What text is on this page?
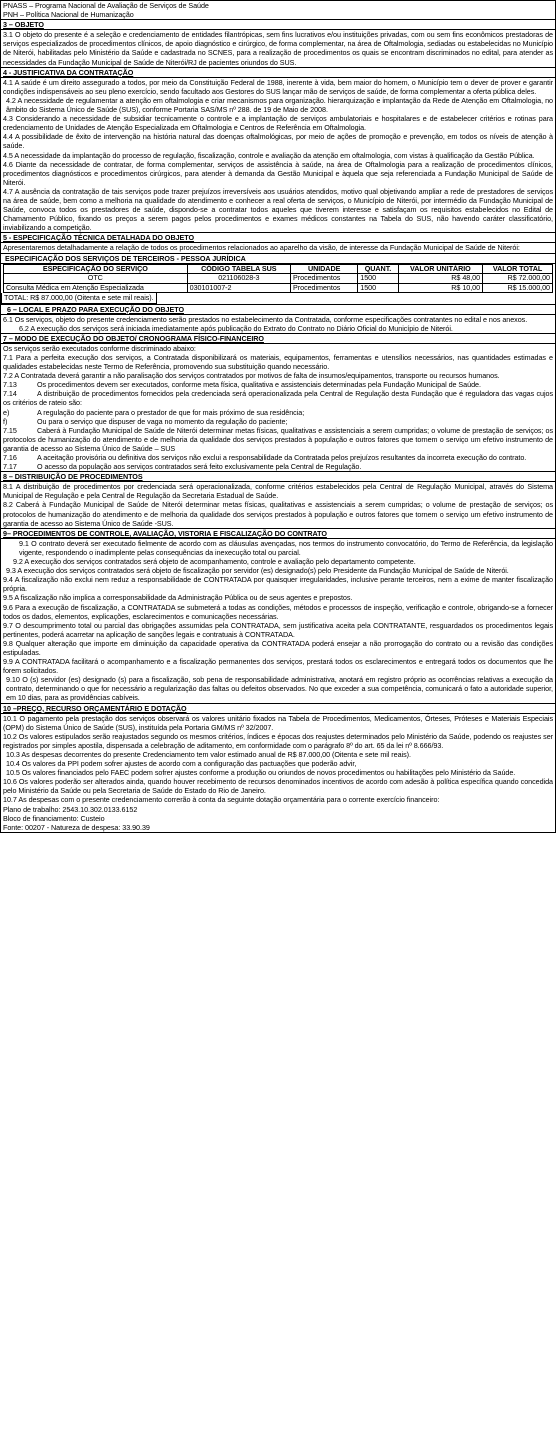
PNASS – Programa Nacional de Avaliação de Serviços de Saúde

PNH – Política Nacional de Humanização

3 – OBJETO

3.1 O objeto do presente é a seleção e credenciamento de entidades filantrópicas, sem fins lucrativos e/ou instituições privadas, com ou sem fins econômicos prestadoras de serviços especializados de procedimentos clínicos, de apoio diagnóstico e cirúrgico, de forma complementar, na área de Oftalmologia, sediadas ou estabelecidas no Município de Niterói, habilitadas pelo Ministério da Saúde e cadastrada no SCNES, para a realização de procedimentos os quais se encontram discriminados no edital, para atender as necessidades da Fundação Municipal de Saúde de Niterói/RJ de pacientes oriundos do SUS.

4 - JUSTIFICATIVA DA CONTRATAÇÃO

4.1 A saúde é um direito assegurado a todos, por meio da Constituição Federal de 1988, inerente à vida, bem maior do homem, o Município tem o dever de prover e garantir condições indispensáveis ao seu pleno exercício, sendo facultado aos Gestores do SUS lançar mão de serviços de saúde, de forma complementar a oferta pública deles.

4.2 A necessidade de regulamentar a atenção em oftalmologia e criar mecanismos para organização. hierarquização e implantação da Rede de Atenção em Oftalmologia, no âmbito do Sistema Único de Saúde (SUS), conforme Portaria SAS/MS nº 288. de 19 de Maio de 2008.

4.3 Considerando a necessidade de subsidiar tecnicamente o controle e a implantação de serviços ambulatoriais e hospitalares e de estabelecer critérios e rotinas para credenciamento de Unidades de Atenção Especializada em Oftalmologia e Centros de Referência em Oftalmologia.

4.4 A possibilidade de êxito de intervenção na história natural das doenças oftalmológicas, por meio de ações de promoção e prevenção, em todos os níveis de atenção à saúde.

4.5 A necessidade da implantação do processo de regulação, fiscalização, controle e avaliação da atenção em oftalmologia, com vistas à qualificação da Gestão Pública.

4.6 Diante da necessidade de contratar, de forma complementar, serviços de assistência à saúde, na área de Oftalmologia para a realização de procedimentos clínicos, procedimentos diagnósticos e procedimentos cirúrgicos, para atender à demanda da Gestão Municipal e àquela que seja referenciada a Fundação Municipal de Saúde de Niterói.

4.7 A ausência da contratação de tais serviços pode trazer prejuízos irreversíveis aos usuários atendidos, motivo qual objetivando ampliar a rede de prestadores de serviços na área de saúde, bem como a melhoria na qualidade do atendimento e conhecer a real oferta de serviços, o Município de Niterói, por intermédio da Fundação Municipal de Saúde, convoca todos os prestadores de saúde, dispondo-se a contratar todos aqueles que tiverem interesse e satisfaçam os requisitos estabelecidos no Edital de Chamamento Público, fixando os preços a serem pagos pelos procedimentos e exames médicos constantes na Tabela do SUS, não havendo caráter classificatório, inviabilizando a competição.

5 - ESPECIFICAÇÃO TÉCNICA DETALHADA DO OBJETO

Apresentaremos detalhadamente a relação de todos os procedimentos relacionados ao aparelho da visão, de interesse da Fundação Municipal de Saúde de Niterói:

ESPECIFICAÇÃO DOS SERVIÇOS DE TERCEIROS - PESSOA JURÍDICA
ESPECIFICAÇÃO DO SERVIÇO	CÓDIGO TABELA SUS	UNIDADE	QUANT.	VALOR UNITÁRIO	VALOR TOTAL
OTC	021106028-3	Procedimentos	1500	R$ 48,00	R$ 72.000,00
Consulta Médica em Atenção Especializada	030101007-2	Procedimentos	1500	R$ 10,00	R$ 15.000,00
TOTAL: R$ 87.000,00 (Oitenta e sete mil reais).
6 – LOCAL E PRAZO PARA EXECUÇÃO DO OBJETO

6.1 Os serviços, objeto do presente credenciamento serão prestados no estabelecimento da Contratada, conforme especificações contratantes no edital e nos anexos.

6.2 A execução dos serviços será iniciada imediatamente após publicação do Extrato do Contrato no Diário Oficial do Município de Niterói.

7 – MODO DE EXECUÇÃO DO OBJETO/ CRONOGRAMA FÍSICO-FINANCEIRO

Os serviços serão executados conforme discriminado abaixo:

7.1 Para a perfeita execução dos serviços, a Contratada disponibilizará os materiais, equipamentos, ferramentas e utensílios necessários, nas quantidades estimadas e qualidades estabelecidas neste Termo de Referência, promovendo sua substituição quando necessário.

7.2 A Contratada deverá garantir a não paralisação dos serviços contratados por motivos de falta de insumos/equipamentos, transporte ou recursos humanos.

7.13	Os procedimentos devem ser executados, conforme meta física, qualitativa e assistenciais determinadas pela Fundação Municipal de Saúde.

7.14	A distribuição de procedimentos fornecidos pela credenciada será operacionalizada pela Central de Regulação desta Fundação que é reguladora das vagas cujos os critérios de rateio são:

e)	A regulação do paciente para o prestador de que for mais próximo de sua residência;

f)	Ou para o serviço que dispuser de vaga no momento da regulação do paciente;

7.15	Caberá à Fundação Municipal de Saúde de Niterói determinar metas físicas, qualitativas e assistenciais a serem cumpridas; o volume de prestação de serviços; os protocolos de humanização do atendimento e de melhoria da qualidade dos serviços prestados à população e outros fatores que tornem o serviço um efetivo instrumento de garantia de acesso ao Sistema Único de Saúde – SUS

7.16	A aceitação provisória ou definitiva dos serviços não exclui a responsabilidade da Contratada pelos prejuízos resultantes da incorreta execução do contrato.

7.17	O acesso da população aos serviços contratados será feito exclusivamente pela Central de Regulação.

8 – DISTRIBUIÇÃO DE PROCEDIMENTOS

8.1 A distribuição de procedimentos por credenciada será operacionalizada, conforme critérios estabelecidos pela Central de Regulação Municipal, através do Sistema Municipal de Regulação e pela Central de Regulação da Secretaria Estadual de Saúde.

8.2 Caberá à Fundação Municipal de Saúde de Niterói determinar metas físicas, qualitativas e assistenciais a serem cumpridas; o volume de prestação de serviços; os protocolos de humanização do atendimento e de melhoria da qualidade dos serviços prestados à população e outros fatores que tornem o serviço um efetivo instrumento de garantia de acesso ao Sistema Único de Saúde -SUS.

9– PROCEDIMENTOS DE CONTROLE, AVALIAÇÃO, VISTORIA E FISCALIZAÇÃO DO CONTRATO

9.1 O contrato deverá ser executado fielmente de acordo com as cláusulas avençadas, nos termos do instrumento convocatório, do Termo de Referência, da legislação vigente, respondendo o inadimplente pelas consequências da inexecução total ou parcial.

9.2 A execução dos serviços contratados será objeto de acompanhamento, controle e avaliação pelo departamento competente.

9.3 A execução dos serviços contratados será objeto de fiscalização por servidor (es) designado(s) pelo Presidente da Fundação Municipal de Saúde de Niterói.

9.4 A fiscalização não exclui nem reduz a responsabilidade de CONTRATADA por quaisquer irregularidades, inclusive perante terceiros, nem a exime de manter fiscalização própria.

9.5 A fiscalização não implica a corresponsabilidade da Administração Pública ou de seus agentes e prepostos.

9.6 Para a execução de fiscalização, a CONTRATADA se submeterá a todas as condições, métodos e processos de inspeção, verificação e controle, obrigando-se a fornecer todos os dados, elementos, explicações, esclarecimentos e comunicações necessárias.

9.7 O descumprimento total ou parcial das obrigações assumidas pela CONTRATADA, sem justificativa aceita pela CONTRATANTE, resguardados os procedimentos legais pertinentes, poderá acarretar na aplicação de sanções legais e contratuais à CONTRATADA.

9.8 Qualquer alteração que importe em diminuição da capacidade operativa da CONTRATADA poderá ensejar a não prorrogação do contrato ou a revisão das condições estipuladas.

9.9 A CONTRATADA facilitará o acompanhamento e a fiscalização permanentes dos serviços, prestará todos os esclarecimentos e entregará todos os documentos que lhe forem solicitados.

9.10 O (s) servidor (es) designado (s) para a fiscalização, sob pena de responsabilidade administrativa, anotará em registro próprio as ocorrências relativas a execução da contrato, determinando o que for necessário a regularização das faltas ou defeitos observados. No que exceder a sua competência, comunicará o fato a autoridade superior, em 10 dias, para as providências cabíveis.

10 –PREÇO, RECURSO ORÇAMENTÁRIO E DOTAÇÃO

10.1 O pagamento pela prestação dos serviços observará os valores unitário fixados na Tabela de Procedimentos, Medicamentos, Órteses, Próteses e Materiais Especiais (OPM) do Sistema Único de Saúde (SUS), instituída pela Portaria GM/MS nº 32/2007.

10.2 Os valores estipulados serão reajustados segundo os mesmos critérios, índices e épocas dos reajustes determinados pelo Ministério da Saúde, podendo os reajustes ser registrados por simples apostila, dispensada a celebração de aditamento, em conformidade com o parágrafo 8º do art. 65 da lei nº 8.666/93.

10.3 As despesas decorrentes do presente Credenciamento tem valor estimado anual de R$ 87.000,00 (Oitenta e sete mil reais).

10.4 Os valores da PPI podem sofrer ajustes de acordo com a configuração das pactuações que poderão advir,

10.5 Os valores financiados pelo FAEC podem sofrer ajustes conforme a produção ou oriundos de novos procedimentos ou habilitações pelo Ministério da Saúde.

10.6 Os valores poderão ser alterados ainda, quando houver recebimento de recursos denominados incentivos de acordo com adesão à política específica quando concedida pelo Ministério da Saúde ou pela Secretaria de Saúde do Estado do Rio de Janeiro.

10.7 As despesas com o presente credenciamento correrão à conta da seguinte dotação orçamentária para o corrente exercício financeiro:

Plano de trabalho: 2543.10.302.0133.6152

Bloco de financiamento: Custeio

Fonte: 00207 - Natureza de despesa: 33.90.39
